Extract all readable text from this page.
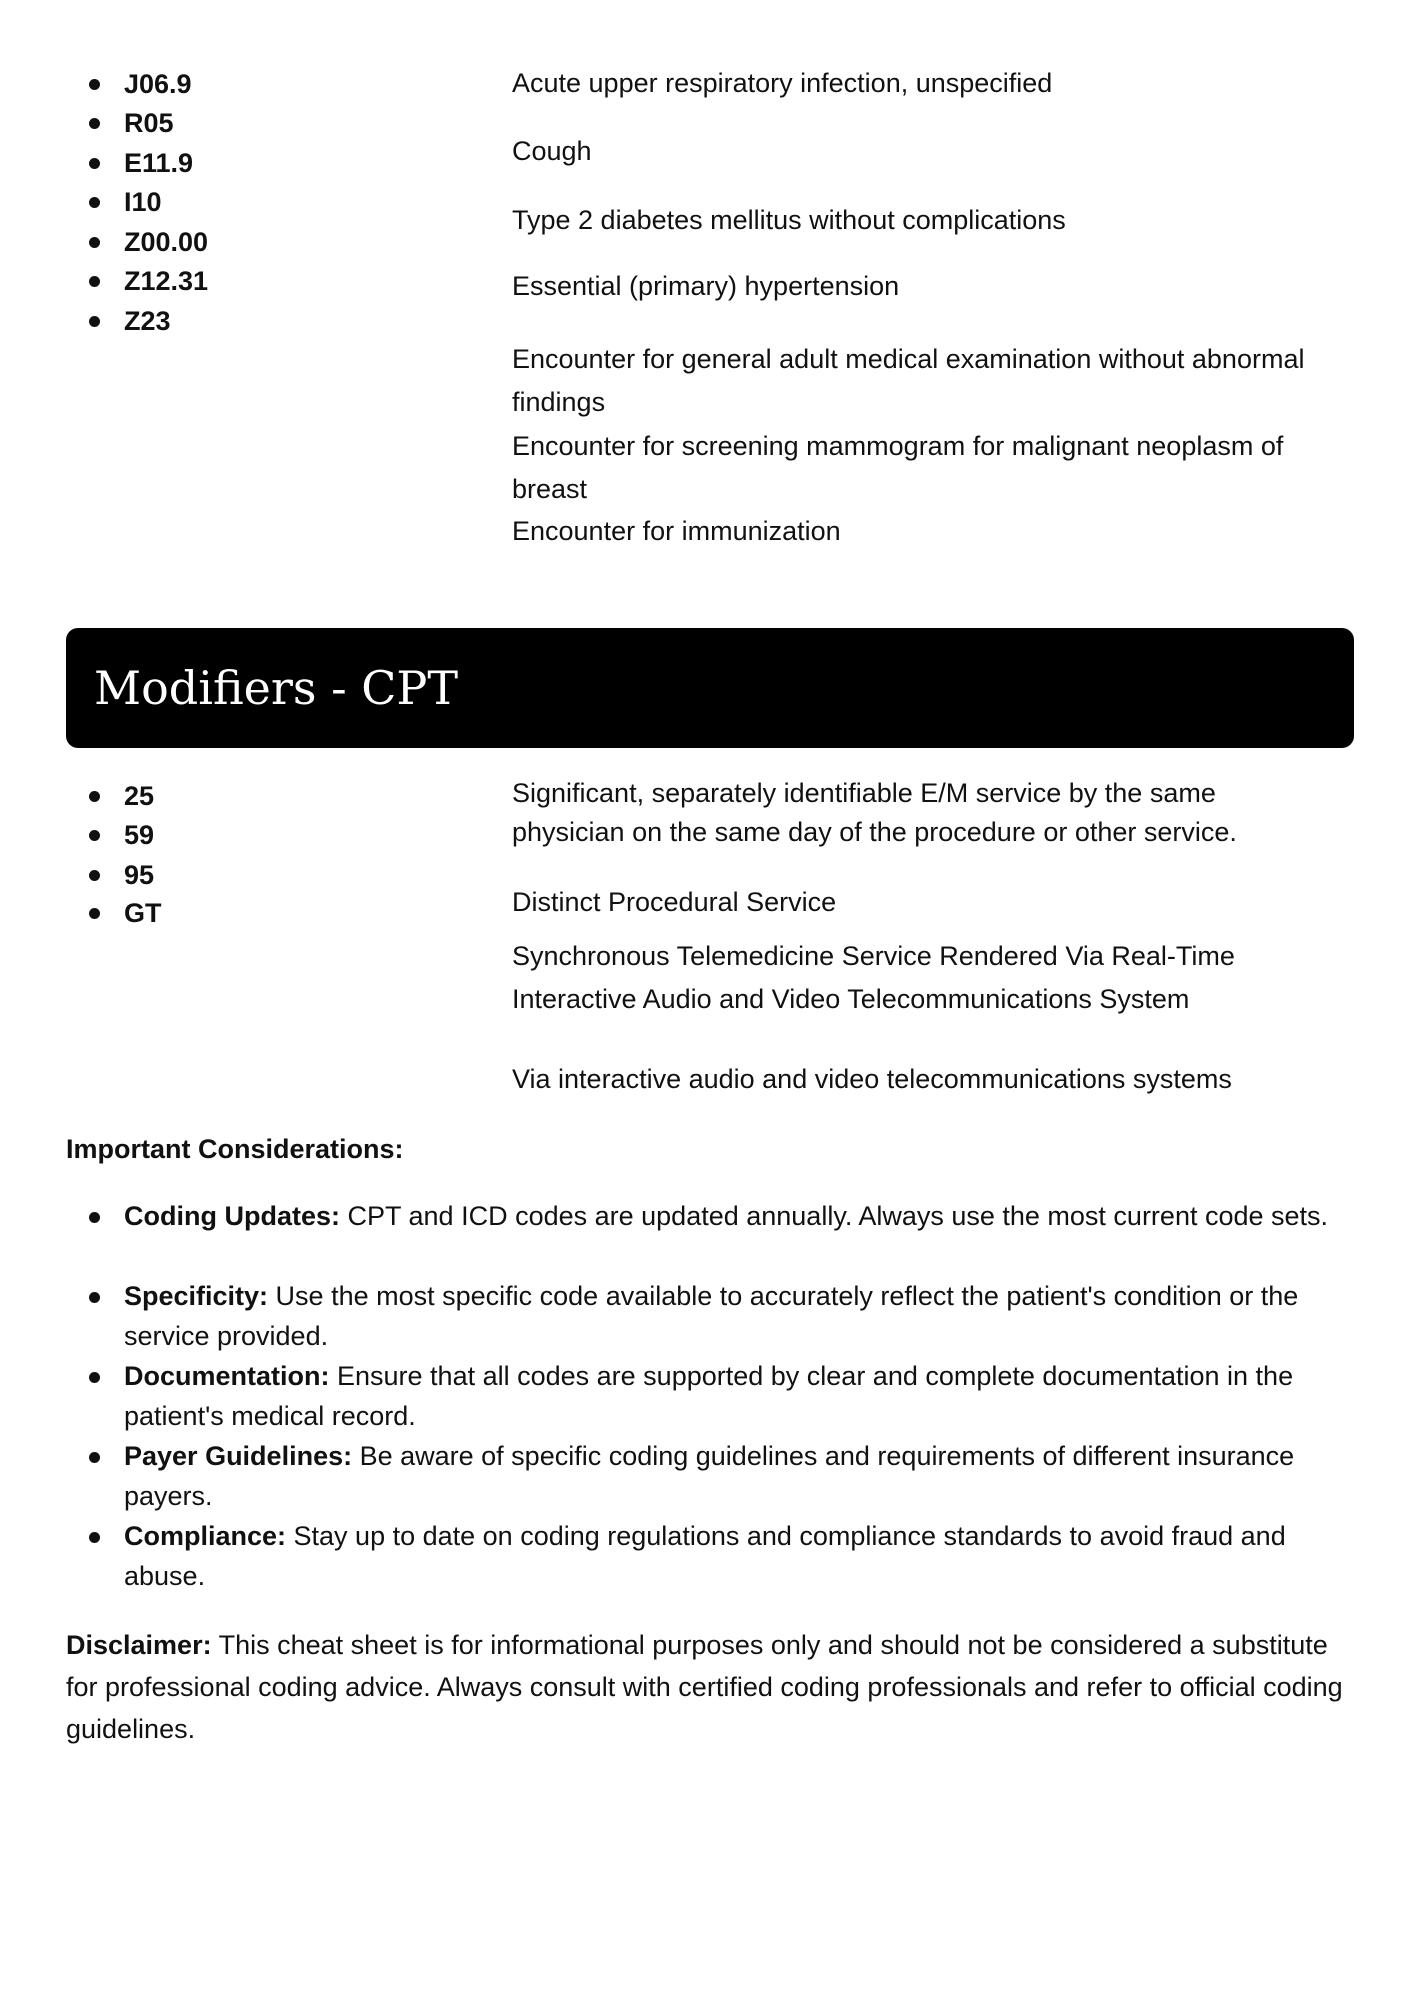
J06.9
R05
E11.9
I10
Z00.00
Z12.31
Z23
Acute upper respiratory infection, unspecified
Cough
Type 2 diabetes mellitus without complications
Essential (primary) hypertension
Encounter for general adult medical examination without abnormal findings
Encounter for screening mammogram for malignant neoplasm of breast
Encounter for immunization
Modifiers - CPT
25
59
95
GT
Significant, separately identifiable E/M service by the same physician on the same day of the procedure or other service.
Distinct Procedural Service
Synchronous Telemedicine Service Rendered Via Real-Time Interactive Audio and Video Telecommunications System
Via interactive audio and video telecommunications systems
Important Considerations:
Coding Updates: CPT and ICD codes are updated annually. Always use the most current code sets.
Specificity: Use the most specific code available to accurately reflect the patient's condition or the service provided.
Documentation: Ensure that all codes are supported by clear and complete documentation in the patient's medical record.
Payer Guidelines: Be aware of specific coding guidelines and requirements of different insurance payers.
Compliance: Stay up to date on coding regulations and compliance standards to avoid fraud and abuse.
Disclaimer: This cheat sheet is for informational purposes only and should not be considered a substitute for professional coding advice. Always consult with certified coding professionals and refer to official coding guidelines.
